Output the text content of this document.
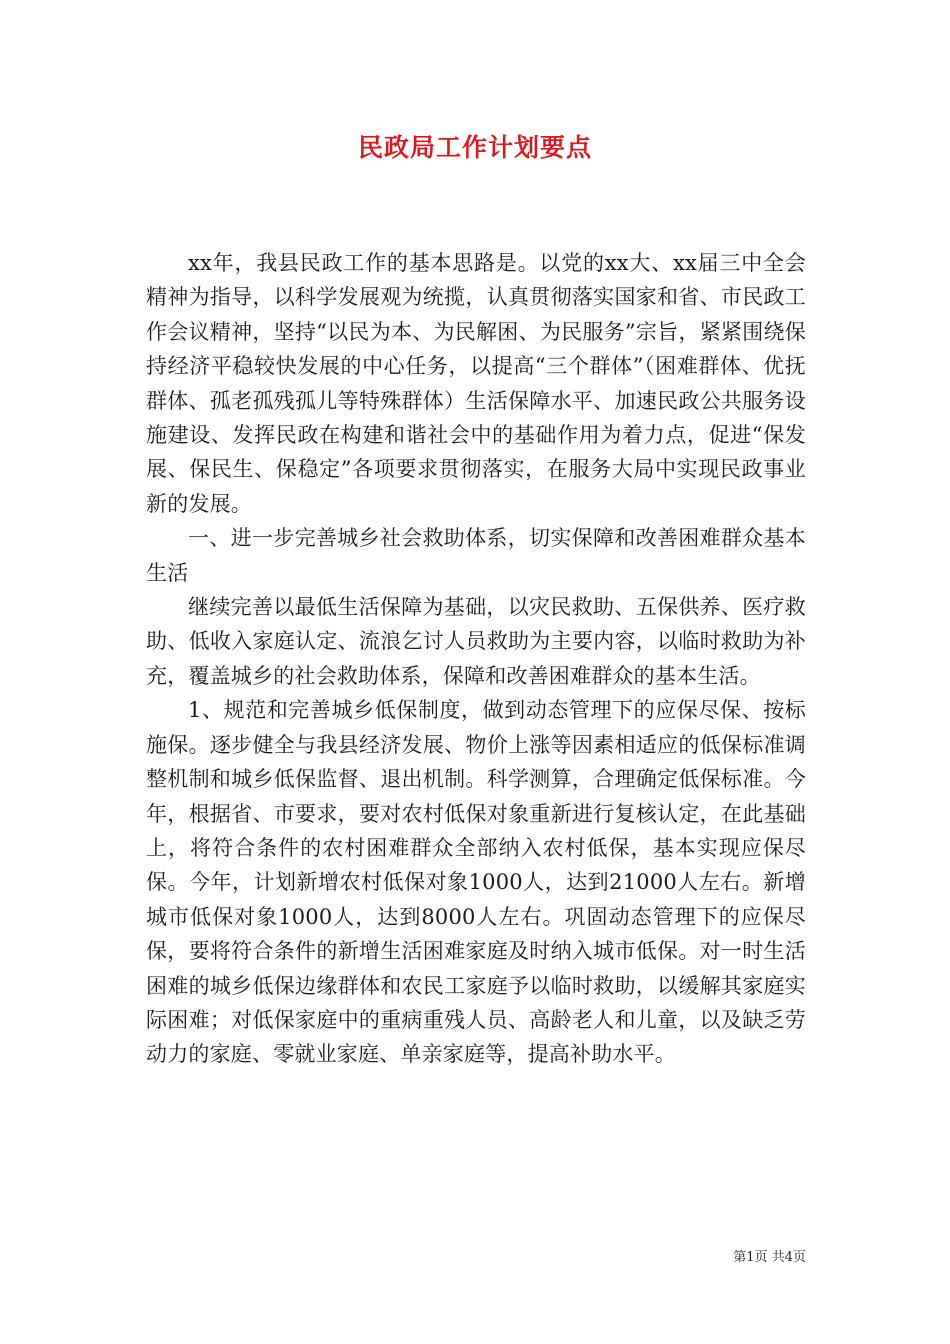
民政局工作计划要点

xx年，我县民政工作的基本思路是。以党的xx大、xx届三中全会精神为指导，以科学发展观为统揽，认真贯彻落实国家和省、市民政工作会议精神，坚持“以民为本、为民解困、为民服务”宗旨，紧紧围绕保持经济平稳较快发展的中心任务，以提高“三个群体”（困难群体、优抚群体、孤老孤残孤儿等特殊群体）生活保障水平、加速民政公共服务设施建设、发挥民政在构建和谐社会中的基础作用为着力点，促进“保发展、保民生、保稳定”各项要求贯彻落实，在服务大局中实现民政事业新的发展。

一、进一步完善城乡社会救助体系，切实保障和改善困难群众基本生活

继续完善以最低生活保障为基础，以灾民救助、五保供养、医疗救助、低收入家庭认定、流浪乞讨人员救助为主要内容，以临时救助为补充，覆盖城乡的社会救助体系，保障和改善困难群众的基本生活。

1、规范和完善城乡低保制度，做到动态管理下的应保尽保、按标施保。逐步健全与我县经济发展、物价上涨等因素相适应的低保标准调整机制和城乡低保监督、退出机制。科学测算，合理确定低保标准。今年，根据省、市要求，要对农村低保对象重新进行复核认定，在此基础上，将符合条件的农村困难群众全部纳入农村低保，基本实现应保尽保。今年，计划新增农村低保对象1000人，达到21000人左右。新增城市低保对象1000人，达到8000人左右。巩固动态管理下的应保尽保，要将符合条件的新增生活困难家庭及时纳入城市低保。对一时生活困难的城乡低保边缘群体和农民工家庭予以临时救助，以缓解其家庭实际困难；对低保家庭中的重病重残人员、高龄老人和儿童，以及缺乏劳动力的家庭、零就业家庭、单亲家庭等，提高补助水平。

第1页 共4页
